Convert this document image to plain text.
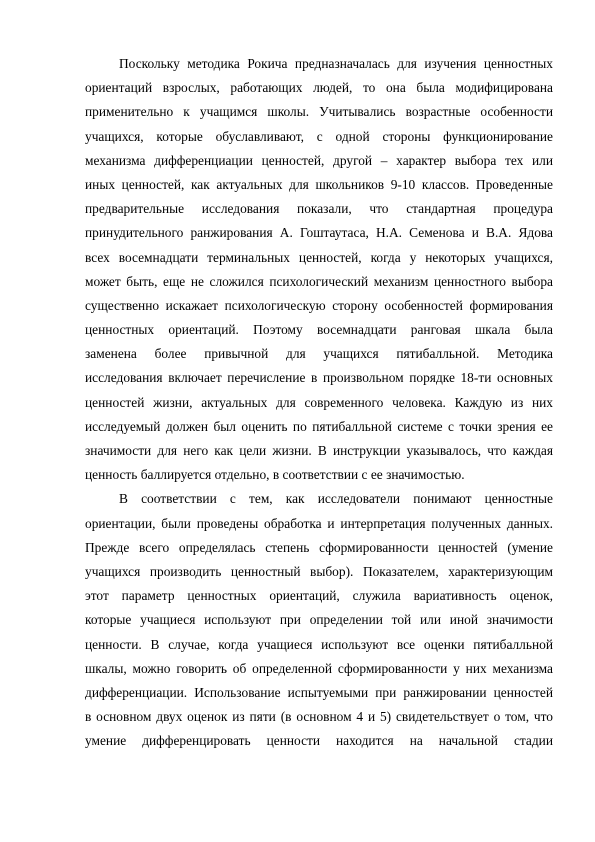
Поскольку методика Рокича предназначалась для изучения ценностных
ориентаций взрослых, работающих людей, то она была модифицирована
применительно к учащимся школы. Учитывались возрастные особенности
учащихся, которые обуславливают, с одной стороны функционирование
механизма дифференциации ценностей, другой – характер выбора тех или
иных ценностей, как актуальных для школьников 9-10 классов. Проведенные
предварительные исследования показали, что стандартная процедура
принудительного ранжирования А. Гоштаутаса, Н.А. Семенова и В.А. Ядова
всех восемнадцати терминальных ценностей, когда у некоторых учащихся,
может быть, еще не сложился психологический механизм ценностного выбора
существенно искажает психологическую сторону особенностей формирования
ценностных ориентаций. Поэтому восемнадцати ранговая шкала была
заменена более привычной для учащихся пятибалльной. Методика
исследования включает перечисление в произвольном порядке 18-ти основных
ценностей жизни, актуальных для современного человека. Каждую из них
исследуемый должен был оценить по пятибалльной системе с точки зрения ее
значимости для него как цели жизни. В инструкции указывалось, что каждая
ценность баллируется отдельно, в соответствии с ее значимостью.

В соответствии с тем, как исследователи понимают ценностные
ориентации, были проведены обработка и интерпретация полученных данных.
Прежде всего определялась степень сформированности ценностей (умение
учащихся производить ценностный выбор). Показателем, характеризующим
этот параметр ценностных ориентаций, служила вариативность оценок,
которые учащиеся используют при определении той или иной значимости
ценности. В случае, когда учащиеся используют все оценки пятибалльной
шкалы, можно говорить об определенной сформированности у них механизма
дифференциации. Использование испытуемыми при ранжировании ценностей
в основном двух оценок из пяти (в основном 4 и 5) свидетельствует о том, что
умение дифференцировать ценности находится на начальной стадии
